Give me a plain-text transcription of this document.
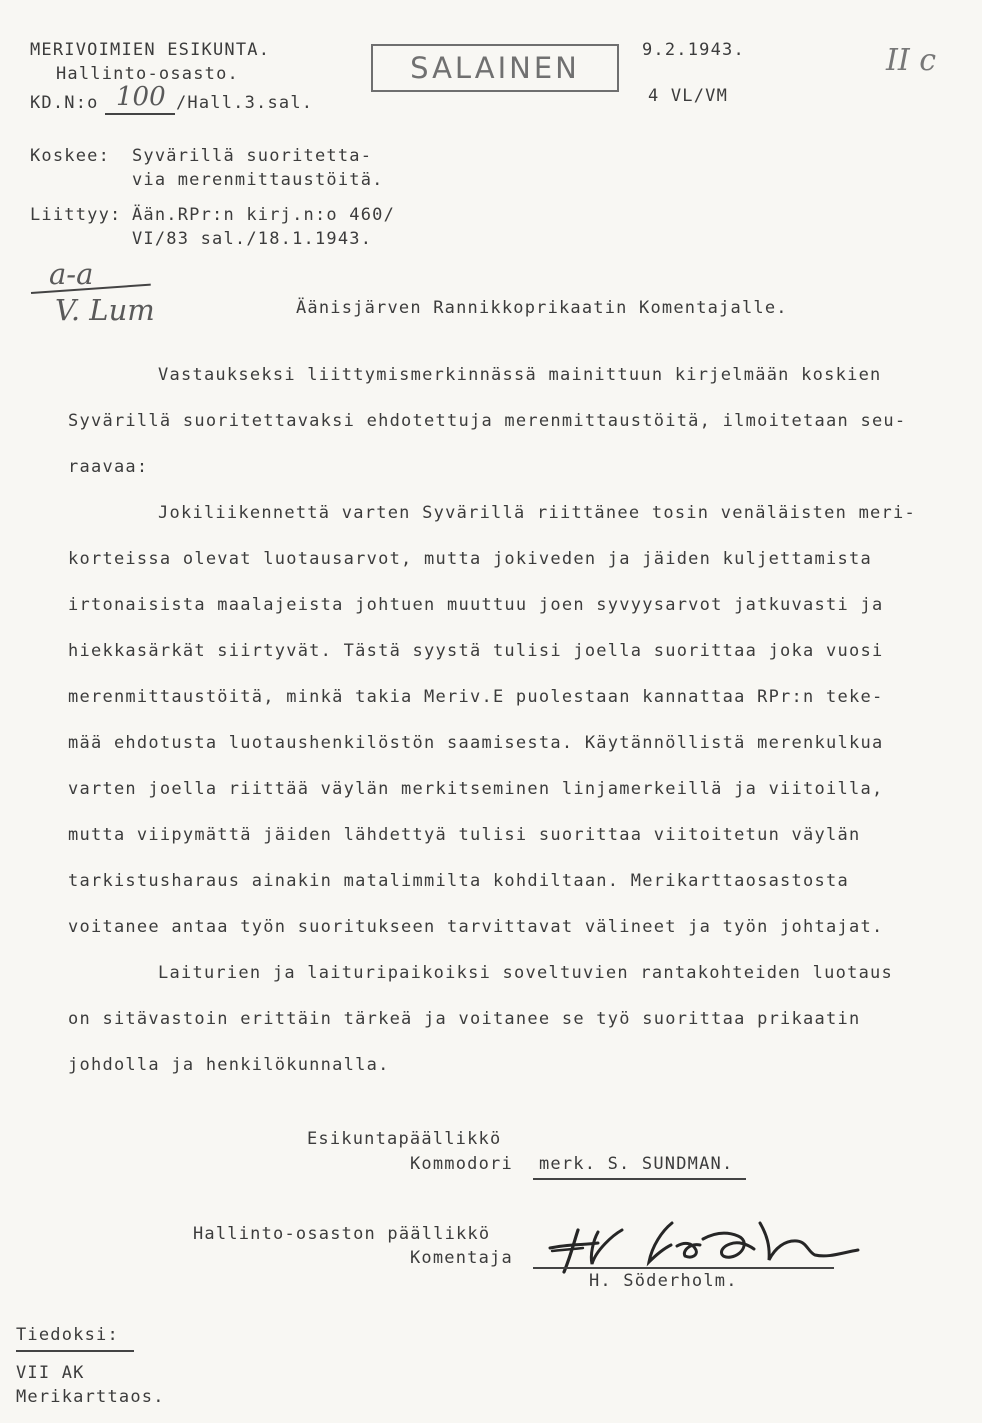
MERIVOIMIEN ESIKUNTA.
Hallinto-osasto.
KD.N:o 100 /Hall.3.sal.
SALAINEN
9.2.1943.
4 VL/VM
II c
Koskee: Syvärillä suoritetta-
via merenmittaustöitä.
Liittyy: Ään.RPr:n kirj.n:o 460/
VI/83 sal./18.1.1943.
a-a
V. Lum	Äänisjärven Rannikkoprikaatin Komentajalle.
Vastaukseksi liittymismerkinnässä mainittuun kirjelmään koskien
Syvärillä suoritettavaksi ehdotettuja merenmittaustöitä, ilmoitetaan seu-
raavaa:
Jokiliikennettä varten Syvärillä riittänee tosin venäläisten meri-
korteissa olevat luotausarvot, mutta jokiveden ja jäiden kuljettamista
irtonaisista maalajeista johtuen muuttuu joen syvyysarvot jatkuvasti ja
hiekkasärkät siirtyvät. Tästä syystä tulisi joella suorittaa joka vuosi
merenmittaustöitä, minkä takia Meriv.E puolestaan kannattaa RPr:n teke-
mää ehdotusta luotaushenkilöstön saamisesta. Käytännöllistä merenkulkua
varten joella riittää väylän merkitseminen linjamerkeillä ja viitoilla,
mutta viipymättä jäiden lähdettyä tulisi suorittaa viitoitetun väylän
tarkistusharaus ainakin matalimmilta kohdiltaan. Merikarttaosastosta
voitanee antaa työn suoritukseen tarvittavat välineet ja työn johtajat.
Laiturien ja laituripaikoiksi soveltuvien rantakohteiden luotaus
on sitävastoin erittäin tärkeä ja voitanee se työ suorittaa prikaatin
johdolla ja henkilökunnalla.
Esikuntapäällikkö
Kommodori merk. S. SUNDMAN.
Hallinto-osaston päällikkö
Komentaja
H. Söderholm.
Tiedoksi:
VII AK
Merikarttaos.
